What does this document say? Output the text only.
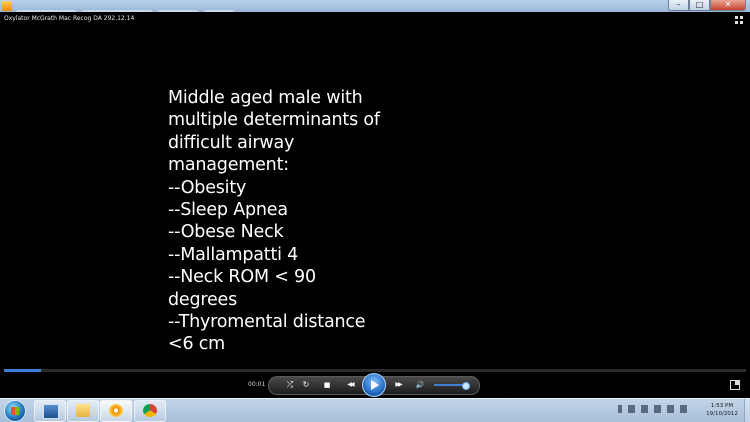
–	□	✕
Oxylator McGrath Mac Recog DA 292.12.14
Middle aged male with
multiple determinants of
difficult airway
management:
--Obesity
--Sleep Apnea
--Obese Neck
--Mallampatti 4
--Neck ROM < 90
degrees
--Thyromental distance
<6 cm
00:01	⤮	↻	■	◀◀	▶▶	🔊
1:53 PM
19/10/2012
